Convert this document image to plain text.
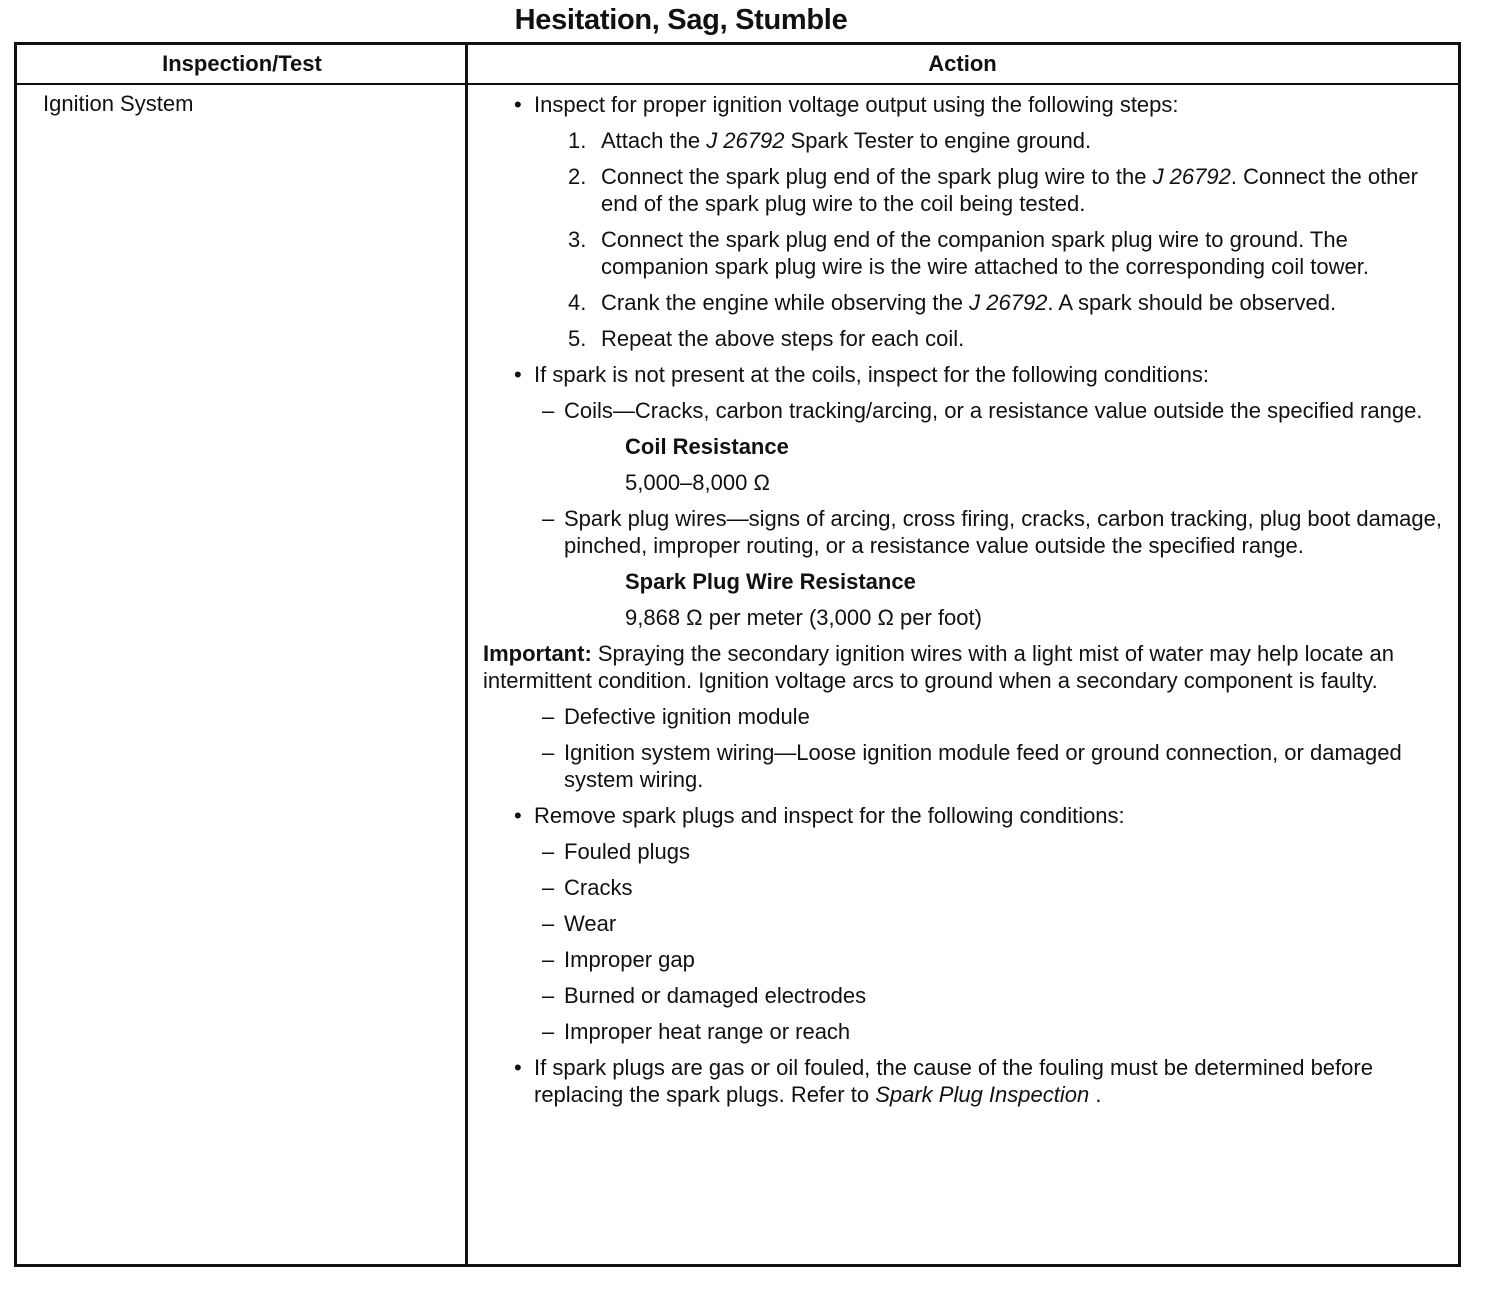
Hesitation, Sag, Stumble
Inspection/Test	Action
Ignition System	• Inspect for proper ignition voltage output using the following steps:
1. Attach the J 26792 Spark Tester to engine ground.
2. Connect the spark plug end of the spark plug wire to the J 26792. Connect the other end of the spark plug wire to the coil being tested.
3. Connect the spark plug end of the companion spark plug wire to ground. The companion spark plug wire is the wire attached to the corresponding coil tower.
4. Crank the engine while observing the J 26792. A spark should be observed.
5. Repeat the above steps for each coil.
• If spark is not present at the coils, inspect for the following conditions:
– Coils—Cracks, carbon tracking/arcing, or a resistance value outside the specified range.
Coil Resistance
5,000–8,000 Ω
– Spark plug wires—signs of arcing, cross firing, cracks, carbon tracking, plug boot damage, pinched, improper routing, or a resistance value outside the specified range.
Spark Plug Wire Resistance
9,868 Ω per meter (3,000 Ω per foot)
Important: Spraying the secondary ignition wires with a light mist of water may help locate an intermittent condition. Ignition voltage arcs to ground when a secondary component is faulty.
– Defective ignition module
– Ignition system wiring—Loose ignition module feed or ground connection, or damaged system wiring.
• Remove spark plugs and inspect for the following conditions:
– Fouled plugs
– Cracks
– Wear
– Improper gap
– Burned or damaged electrodes
– Improper heat range or reach
• If spark plugs are gas or oil fouled, the cause of the fouling must be determined before replacing the spark plugs. Refer to Spark Plug Inspection .
